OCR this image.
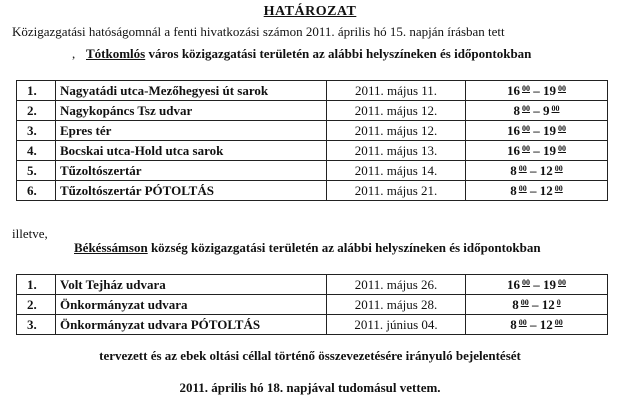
HATÁROZAT
Közigazgatási hatóságomnál a fenti hivatkozási számon 2011. április hó 15. napján írásban tett
, Tótkomlós város közigazgatási területén az alábbi helyszíneken és időpontokban
1.	Nagyatádi utca-Mezőhegyesi út sarok	2011. május 11.	16 $^{00}$ – 19 $^{00}$
2.	Nagykopáncs Tsz udvar	2011. május 12.	8 $^{00}$ – 9 $^{00}$
3.	Epres tér	2011. május 12.	16 $^{00}$ – 19 $^{00}$
4.	Bocskai utca-Hold utca sarok	2011. május 13.	16 $^{00}$ – 19 $^{00}$
5.	Tűzoltószertár	2011. május 14.	8 $^{00}$ – 12 $^{00}$
6.	Tűzoltószertár PÓTOLTÁS	2011. május 21.	8 $^{00}$ – 12 $^{00}$
illetve,
Békéssámson község közigazgatási területén az alábbi helyszíneken és időpontokban
1.	Volt Tejház udvara	2011. május 26.	16 $^{00}$ – 19 $^{00}$
2.	Önkormányzat udvara	2011. május 28.	8 $^{00}$ – 12 $^0$
3.	Önkormányzat udvara PÓTOLTÁS	2011. június 04.	8 $^{00}$ – 12 $^{00}$
tervezett és az ebek oltási céllal történő összevezetésére irányuló bejelentését
2011. április hó 18. napjával tudomásul vettem.
